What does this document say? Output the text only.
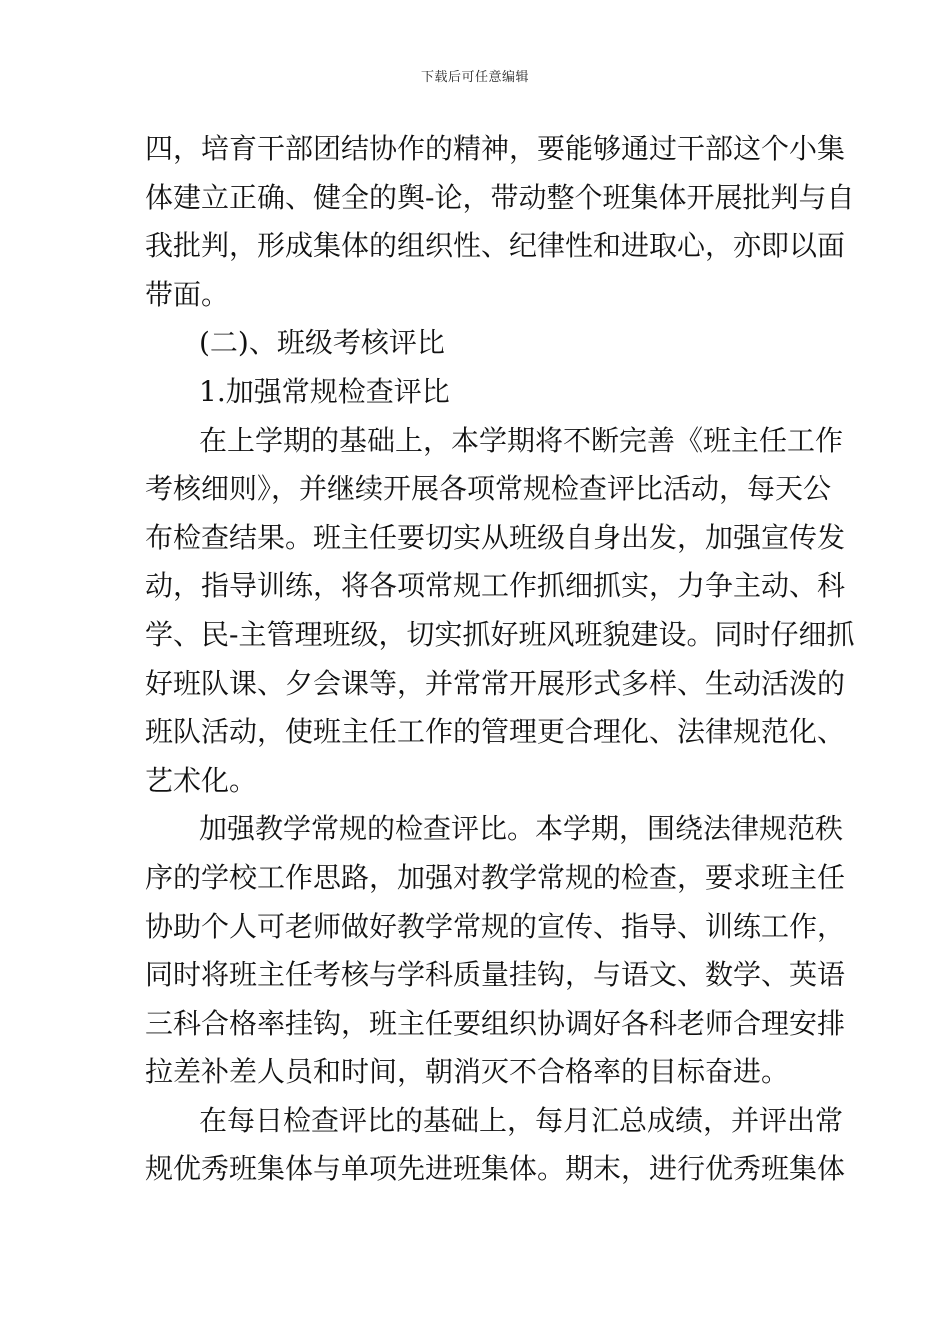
下载后可任意编辑
四，培育干部团结协作的精神，要能够通过干部这个小集
体建立正确、健全的舆-论，带动整个班集体开展批判与自
我批判，形成集体的组织性、纪律性和进取心，亦即以面
带面。
(二)、班级考核评比
1.加强常规检查评比
在上学期的基础上，本学期将不断完善《班主任工作
考核细则》，并继续开展各项常规检查评比活动，每天公
布检查结果。班主任要切实从班级自身出发，加强宣传发
动，指导训练，将各项常规工作抓细抓实，力争主动、科
学、民-主管理班级，切实抓好班风班貌建设。同时仔细抓
好班队课、夕会课等，并常常开展形式多样、生动活泼的
班队活动，使班主任工作的管理更合理化、法律规范化、
艺术化。
加强教学常规的检查评比。本学期，围绕法律规范秩
序的学校工作思路，加强对教学常规的检查，要求班主任
协助个人可老师做好教学常规的宣传、指导、训练工作，
同时将班主任考核与学科质量挂钩，与语文、数学、英语
三科合格率挂钩，班主任要组织协调好各科老师合理安排
拉差补差人员和时间，朝消灭不合格率的目标奋进。
在每日检查评比的基础上，每月汇总成绩，并评出常
规优秀班集体与单项先进班集体。期末，进行优秀班集体
